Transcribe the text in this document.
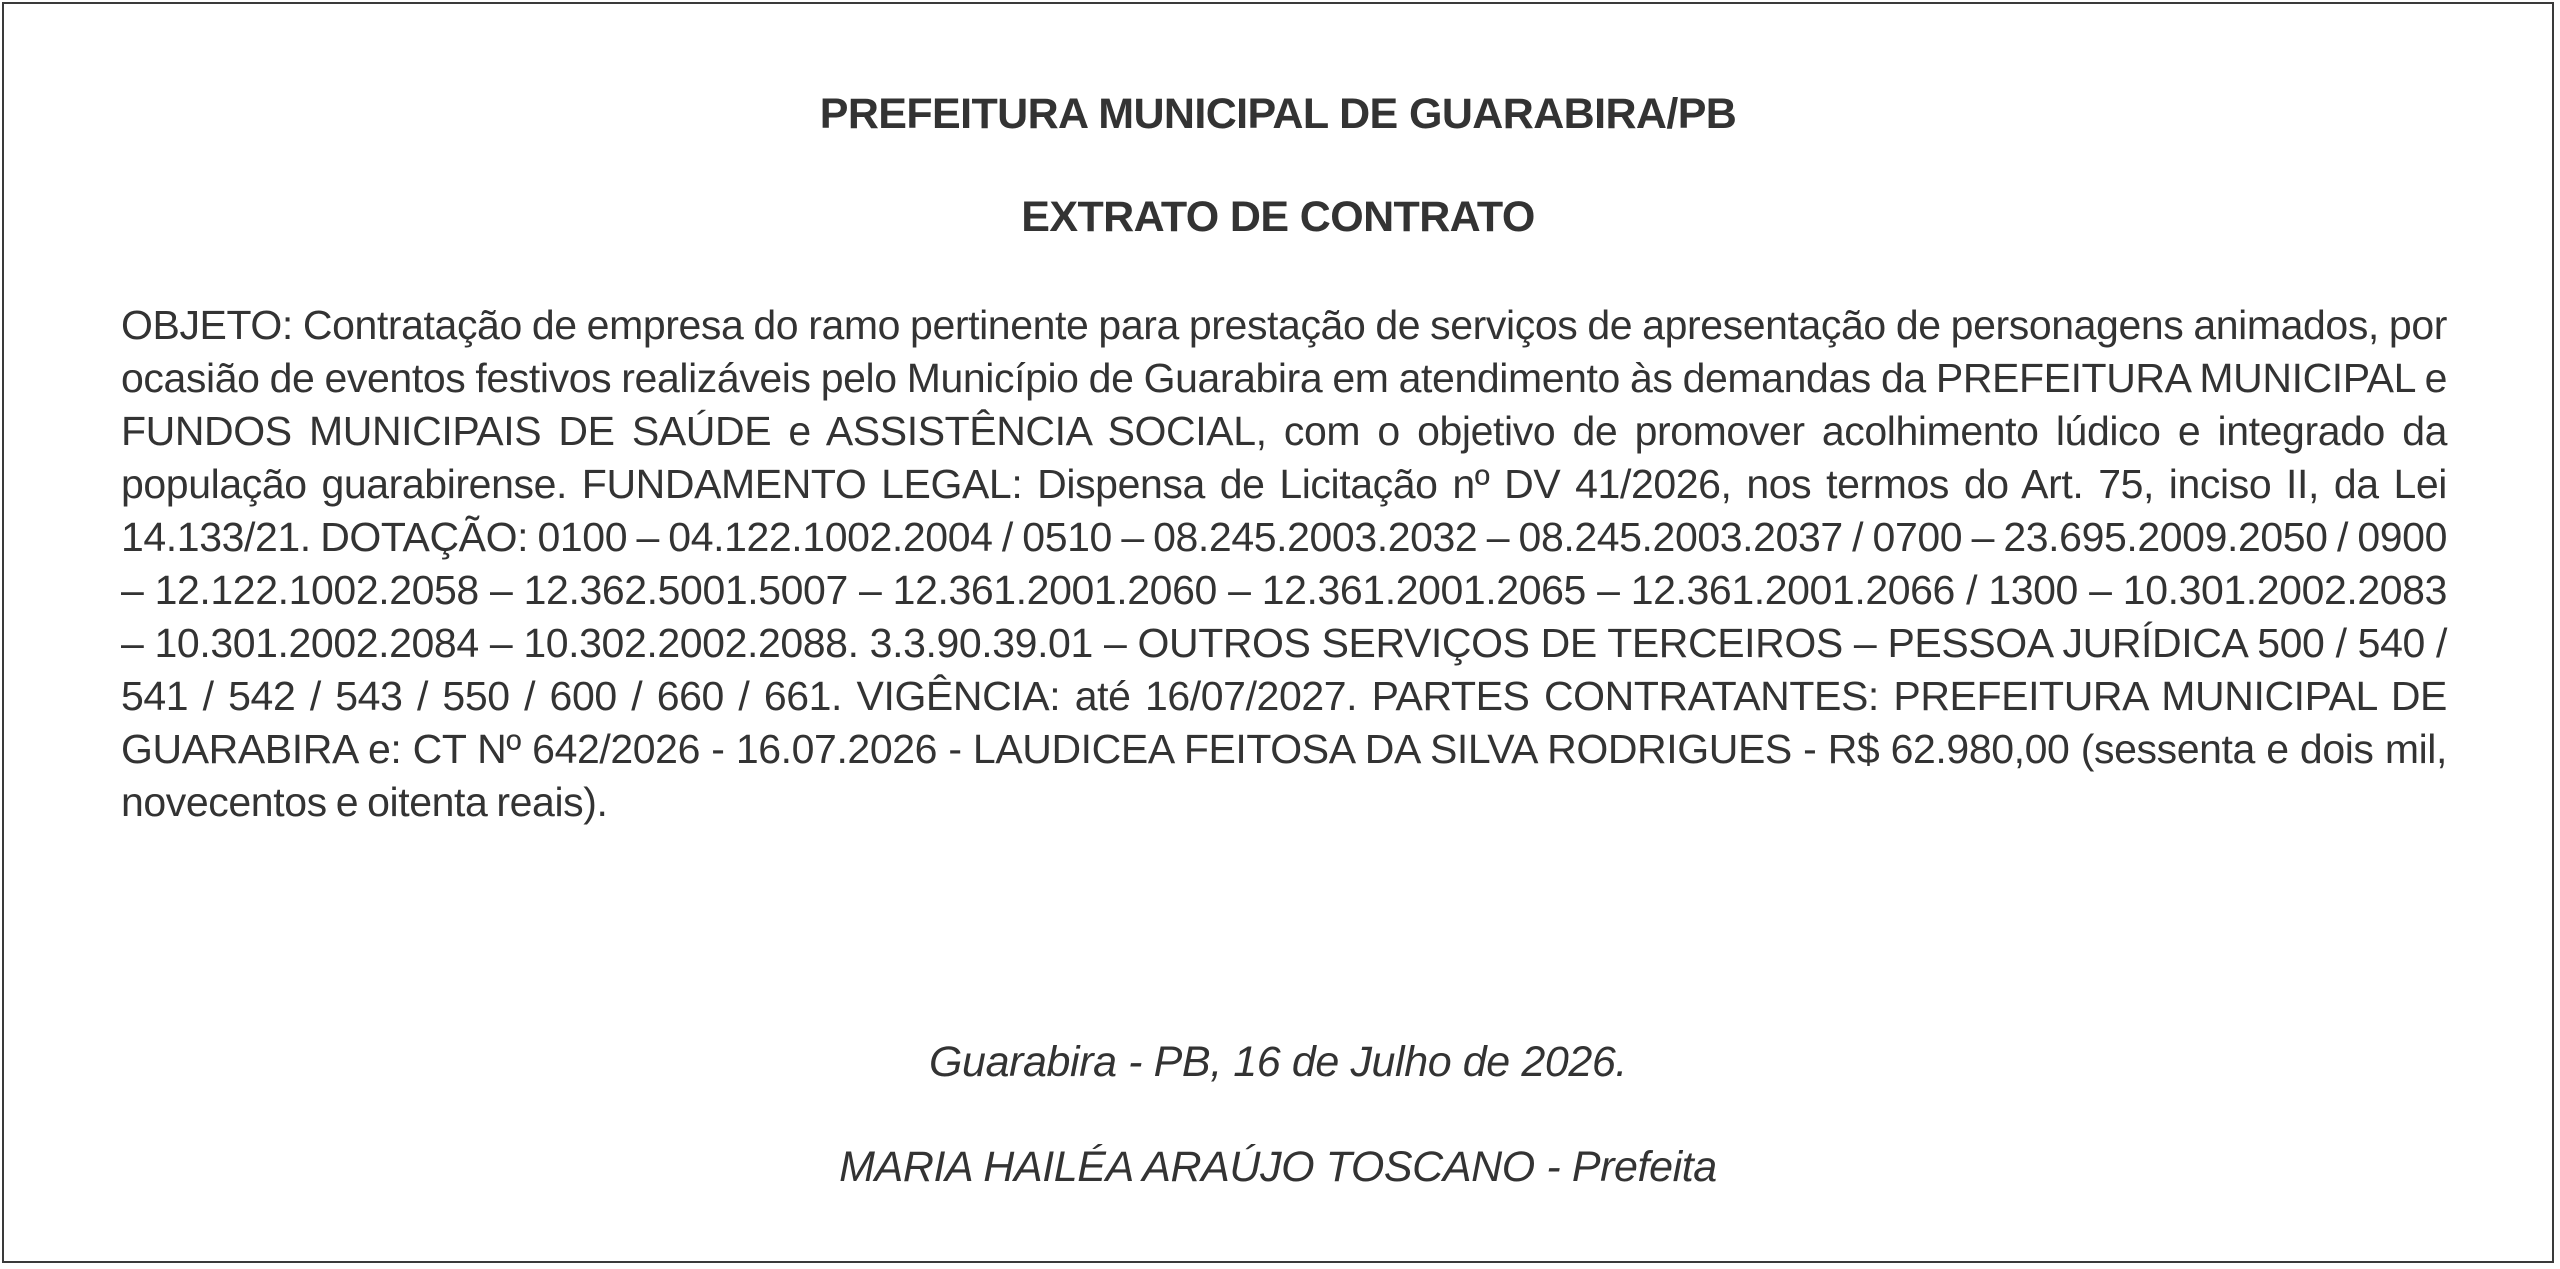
PREFEITURA MUNICIPAL DE GUARABIRA/PB
EXTRATO DE CONTRATO

OBJETO: Contratação de empresa do ramo pertinente para prestação de serviços de apresentação de personagens animados, por ocasião de eventos festivos realizáveis pelo Município de Guarabira em atendimento às demandas da PREFEITURA MUNICIPAL e FUNDOS MUNICIPAIS DE SAÚDE e ASSISTÊNCIA SOCIAL, com o objetivo de promover acolhimento lúdico e integrado da população guarabirense. FUNDAMENTO LEGAL: Dispensa de Licitação nº DV 41/2026, nos termos do Art. 75, inciso II, da Lei 14.133/21. DOTAÇÃO: 0100 – 04.122.1002.2004 / 0510 – 08.245.2003.2032 – 08.245.2003.2037 / 0700 – 23.695.2009.2050 / 0900 – 12.122.1002.2058 – 12.362.5001.5007 – 12.361.2001.2060 – 12.361.2001.2065 – 12.361.2001.2066 / 1300 – 10.301.2002.2083 – 10.301.2002.2084 – 10.302.2002.2088. 3.3.90.39.01 – OUTROS SERVIÇOS DE TERCEIROS – PESSOA JURÍDICA 500 / 540 / 541 / 542 / 543 / 550 / 600 / 660 / 661. VIGÊNCIA: até 16/07/2027. PARTES CONTRATANTES: PREFEITURA MUNICIPAL DE GUARABIRA e: CT Nº 642/2026 - 16.07.2026 - LAUDICEA FEITOSA DA SILVA RODRIGUES - R$ 62.980,00 (sessenta e dois mil, novecentos e oitenta reais).

Guarabira - PB, 16 de Julho de 2026.
MARIA HAILÉA ARAÚJO TOSCANO - Prefeita
